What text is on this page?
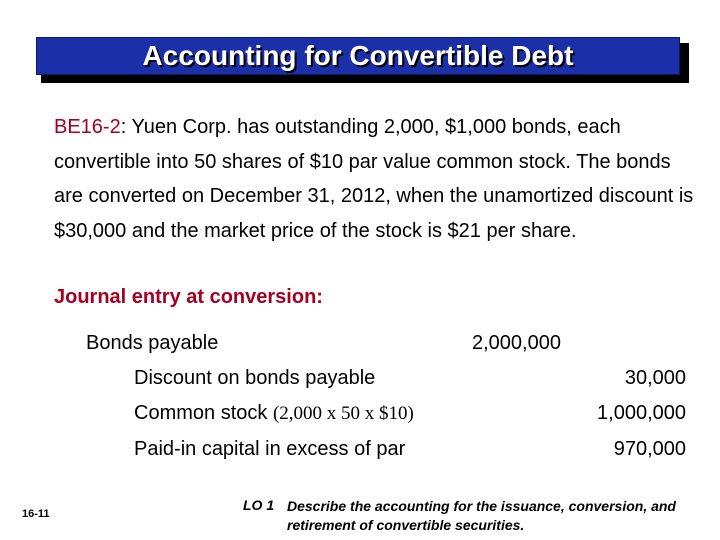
Accounting for Convertible Debt
BE16-2: Yuen Corp. has outstanding 2,000, $1,000 bonds, each convertible into 50 shares of $10 par value common stock. The bonds are converted on December 31, 2012, when the unamortized discount is $30,000 and the market price of the stock is $21 per share.
Journal entry at conversion:
Bonds payable	2,000,000
Discount on bonds payable	30,000
Common stock (2,000 x 50 x $10)	1,000,000
Paid-in capital in excess of par	970,000
16-11
LO 1 Describe the accounting for the issuance, conversion, and retirement of convertible securities.
